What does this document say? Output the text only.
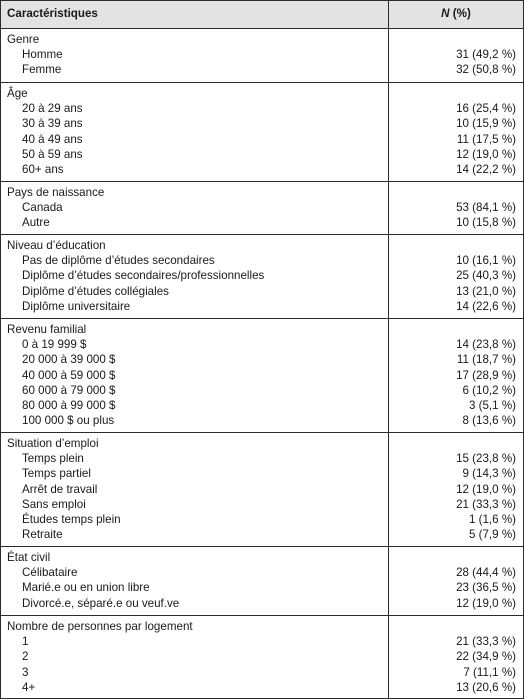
Caractéristiques	N (%)
Genre
Homme	31 (49,2 %)
Femme	32 (50,8 %)
Âge
20 à 29 ans	16 (25,4 %)
30 à 39 ans	10 (15,9 %)
40 à 49 ans	11 (17,5 %)
50 à 59 ans	12 (19,0 %)
60+ ans	14 (22,2 %)
Pays de naissance
Canada	53 (84,1 %)
Autre	10 (15,8 %)
Niveau d’éducation
Pas de diplôme d’études secondaires	10 (16,1 %)
Diplôme d’études secondaires/professionnelles	25 (40,3 %)
Diplôme d’études collégiales	13 (21,0 %)
Diplôme universitaire	14 (22,6 %)
Revenu familial
0 à 19 999 $	14 (23,8 %)
20 000 à 39 000 $	11 (18,7 %)
40 000 à 59 000 $	17 (28,9 %)
60 000 à 79 000 $	6 (10,2 %)
80 000 à 99 000 $	3 (5,1 %)
100 000 $ ou plus	8 (13,6 %)
Situation d’emploi
Temps plein	15 (23,8 %)
Temps partiel	9 (14,3 %)
Arrêt de travail	12 (19,0 %)
Sans emploi	21 (33,3 %)
Études temps plein	1 (1,6 %)
Retraite	5 (7,9 %)
État civil
Célibataire	28 (44,4 %)
Marié.e ou en union libre	23 (36,5 %)
Divorcé.e, séparé.e ou veuf.ve	12 (19,0 %)
Nombre de personnes par logement
1	21 (33,3 %)
2	22 (34,9 %)
3	7 (11,1 %)
4+	13 (20,6 %)
